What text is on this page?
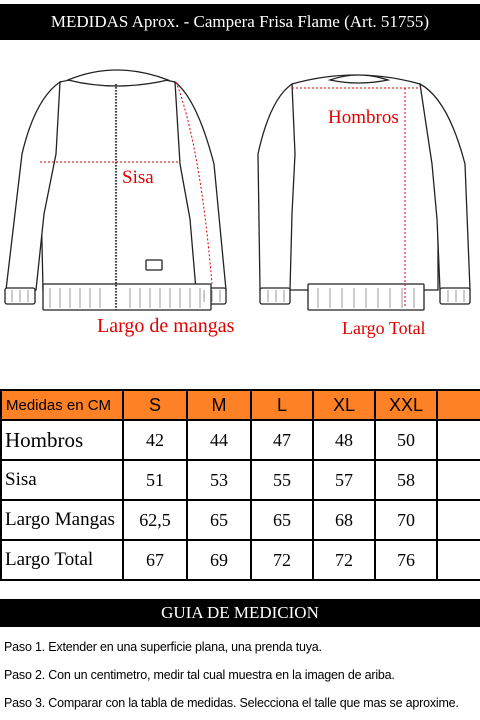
MEDIDAS Aprox. - Campera Frisa Flame (Art. 51755)
Sisa
Largo de mangas
Hombros
Largo Total
Medidas en CM	S	M	L	XL	XXL	
Hombros	42	44	47	48	50	
Sisa	51	53	55	57	58	
Largo Mangas	62,5	65	65	68	70	
Largo Total	67	69	72	72	76	
GUIA DE MEDICION

Paso 1. Extender en una superficie plana, una prenda tuya.

Paso 2. Con un centimetro, medir tal cual muestra en la imagen de ariba.

Paso 3. Comparar con la tabla de medidas. Selecciona el talle que mas se aproxime.
